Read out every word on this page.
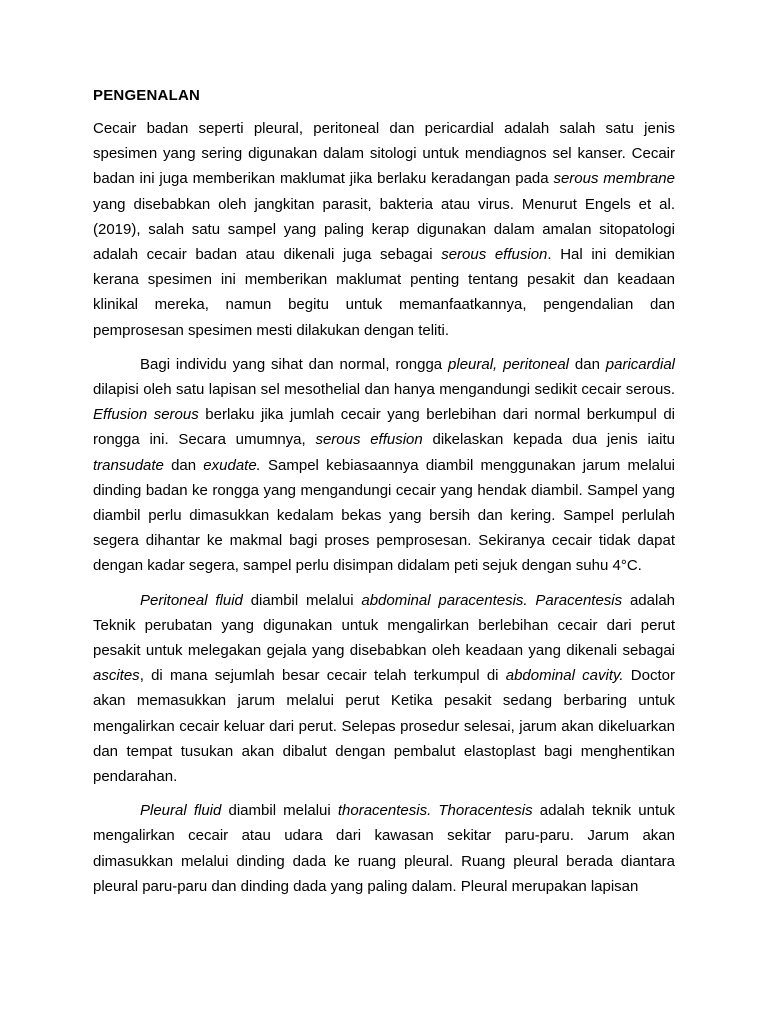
PENGENALAN

Cecair badan seperti pleural, peritoneal dan pericardial adalah salah satu jenis spesimen yang sering digunakan dalam sitologi untuk mendiagnos sel kanser. Cecair badan ini juga memberikan maklumat jika berlaku keradangan pada serous membrane yang disebabkan oleh jangkitan parasit, bakteria atau virus. Menurut Engels et al.(2019), salah satu sampel yang paling kerap digunakan dalam amalan sitopatologi adalah cecair badan atau dikenali juga sebagai serous effusion. Hal ini demikian kerana spesimen ini memberikan maklumat penting tentang pesakit dan keadaan klinikal mereka, namun begitu untuk memanfaatkannya, pengendalian dan pemprosesan spesimen mesti dilakukan dengan teliti.

Bagi individu yang sihat dan normal, rongga pleural, peritoneal dan paricardial dilapisi oleh satu lapisan sel mesothelial dan hanya mengandungi sedikit cecair serous. Effusion serous berlaku jika jumlah cecair yang berlebihan dari normal berkumpul di rongga ini. Secara umumnya, serous effusion dikelaskan kepada dua jenis iaitu transudate dan exudate. Sampel kebiasaannya diambil menggunakan jarum melalui dinding badan ke rongga yang mengandungi cecair yang hendak diambil. Sampel yang diambil perlu dimasukkan kedalam bekas yang bersih dan kering. Sampel perlulah segera dihantar ke makmal bagi proses pemprosesan. Sekiranya cecair tidak dapat dengan kadar segera, sampel perlu disimpan didalam peti sejuk dengan suhu 4°C.

Peritoneal fluid diambil melalui abdominal paracentesis. Paracentesis adalah Teknik perubatan yang digunakan untuk mengalirkan berlebihan cecair dari perut pesakit untuk melegakan gejala yang disebabkan oleh keadaan yang dikenali sebagai ascites, di mana sejumlah besar cecair telah terkumpul di abdominal cavity. Doctor akan memasukkan jarum melalui perut Ketika pesakit sedang berbaring untuk mengalirkan cecair keluar dari perut. Selepas prosedur selesai, jarum akan dikeluarkan dan tempat tusukan akan dibalut dengan pembalut elastoplast bagi menghentikan pendarahan.

Pleural fluid diambil melalui thoracentesis. Thoracentesis adalah teknik untuk mengalirkan cecair atau udara dari kawasan sekitar paru-paru. Jarum akan dimasukkan melalui dinding dada ke ruang pleural. Ruang pleural berada diantara pleural paru-paru dan dinding dada yang paling dalam. Pleural merupakan lapisan
